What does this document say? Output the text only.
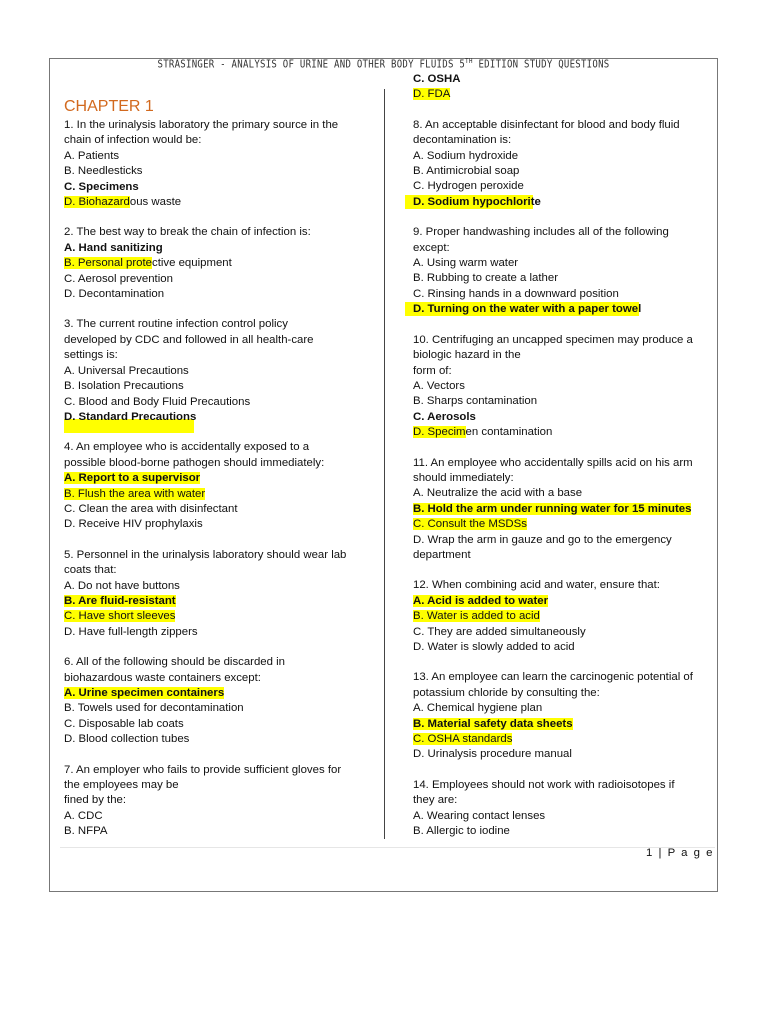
STRASINGER - ANALYSIS OF URINE AND OTHER BODY FLUIDS 5TH EDITION STUDY QUESTIONS
CHAPTER 1
1. In the urinalysis laboratory the primary source in the
chain of infection would be:
A. Patients
B. Needlesticks
C. Specimens
D. Biohazardous waste
2. The best way to break the chain of infection is:
A. Hand sanitizing
B. Personal protective equipment
C. Aerosol prevention
D. Decontamination
3. The current routine infection control policy
developed by CDC and followed in all health-care
settings is:
A. Universal Precautions
B. Isolation Precautions
C. Blood and Body Fluid Precautions
D. Standard Precautions
4. An employee who is accidentally exposed to a
possible blood-borne pathogen should immediately:
A. Report to a supervisor
B. Flush the area with water
C. Clean the area with disinfectant
D. Receive HIV prophylaxis
5. Personnel in the urinalysis laboratory should wear lab
coats that:
A. Do not have buttons
B. Are fluid-resistant
C. Have short sleeves
D. Have full-length zippers
6. All of the following should be discarded in
biohazardous waste containers except:
A. Urine specimen containers
B. Towels used for decontamination
C. Disposable lab coats
D. Blood collection tubes
7. An employer who fails to provide sufficient gloves for
the employees may be
fined by the:
A. CDC
B. NFPA
C. OSHA
D. FDA
8. An acceptable disinfectant for blood and body fluid
decontamination is:
A. Sodium hydroxide
B. Antimicrobial soap
C. Hydrogen peroxide
D. Sodium hypochlorite
9. Proper handwashing includes all of the following
except:
A. Using warm water
B. Rubbing to create a lather
C. Rinsing hands in a downward position
D. Turning on the water with a paper towel
10. Centrifuging an uncapped specimen may produce a
biologic hazard in the
form of:
A. Vectors
B. Sharps contamination
C. Aerosols
D. Specimen contamination
11. An employee who accidentally spills acid on his arm
should immediately:
A. Neutralize the acid with a base
B. Hold the arm under running water for 15 minutes
C. Consult the MSDSs
D. Wrap the arm in gauze and go to the emergency
department
12. When combining acid and water, ensure that:
A. Acid is added to water
B. Water is added to acid
C. They are added simultaneously
D. Water is slowly added to acid
13. An employee can learn the carcinogenic potential of
potassium chloride by consulting the:
A. Chemical hygiene plan
B. Material safety data sheets
C. OSHA standards
D. Urinalysis procedure manual
14. Employees should not work with radioisotopes if
they are:
A. Wearing contact lenses
B. Allergic to iodine
1 | P a g e
